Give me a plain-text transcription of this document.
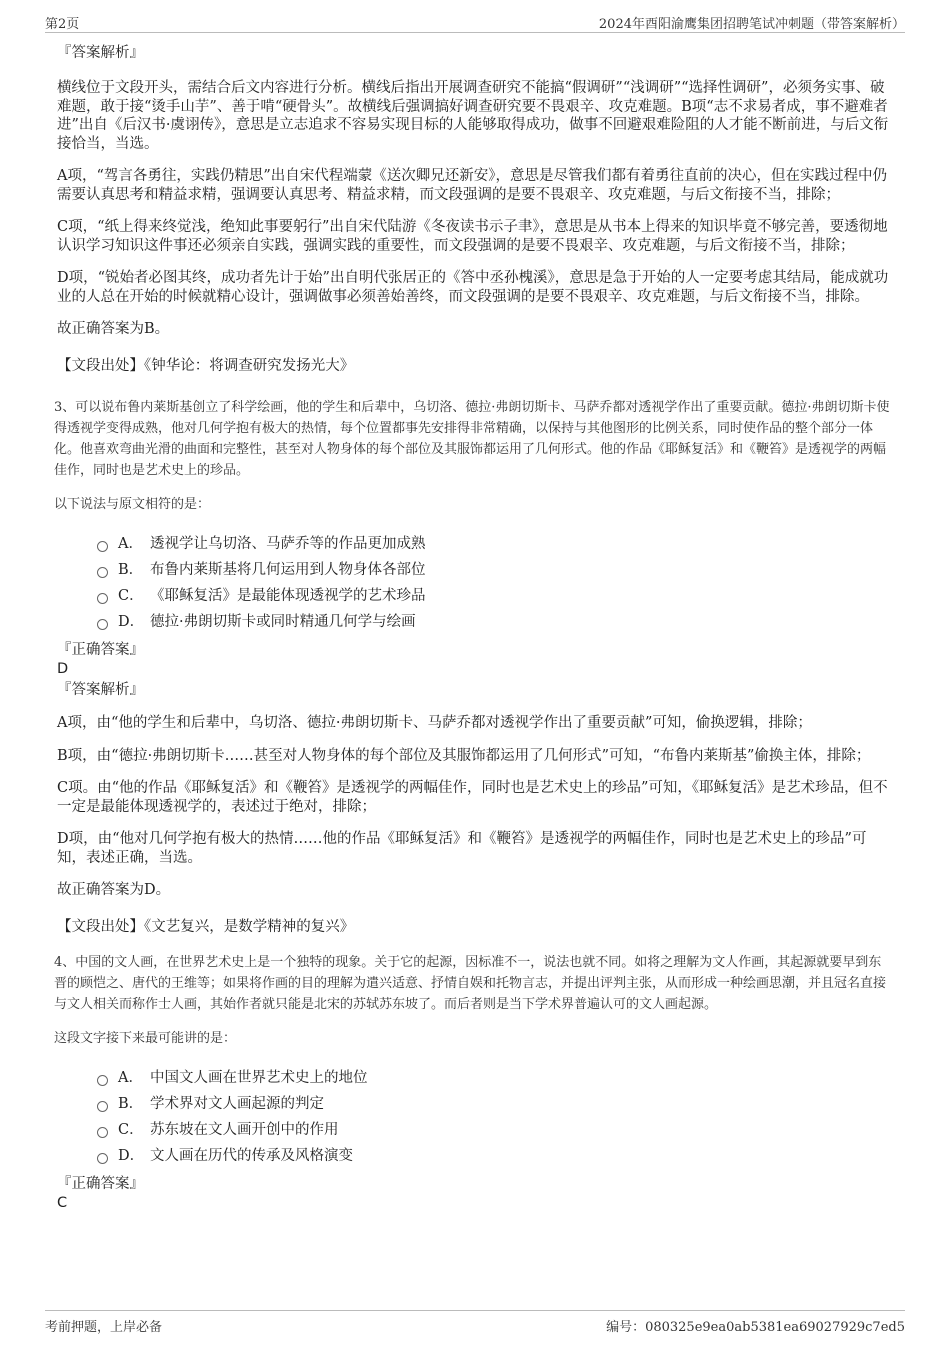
第2页	2024年酉阳渝鹰集团招聘笔试冲刺题（带答案解析）

『答案解析』

横线位于文段开头，需结合后文内容进行分析。横线后指出开展调查研究不能搞“假调研”“浅调研”“选择性调研”，必须务实事、破难题，敢于接“烫手山芋”、善于啃“硬骨头”。故横线后强调搞好调查研究要不畏艰辛、攻克难题。B项“志不求易者成，事不避难者进”出自《后汉书·虞诩传》，意思是立志追求不容易实现目标的人能够取得成功，做事不回避艰难险阻的人才能不断前进，与后文衔接恰当，当选。

A项，“驾言各勇往，实践仍精思”出自宋代程端蒙《送次卿兄还新安》，意思是尽管我们都有着勇往直前的决心，但在实践过程中仍需要认真思考和精益求精，强调要认真思考、精益求精，而文段强调的是要不畏艰辛、攻克难题，与后文衔接不当，排除；

C项，“纸上得来终觉浅，绝知此事要躬行”出自宋代陆游《冬夜读书示子聿》，意思是从书本上得来的知识毕竟不够完善，要透彻地认识学习知识这件事还必须亲自实践，强调实践的重要性，而文段强调的是要不畏艰辛、攻克难题，与后文衔接不当，排除；

D项，“锐始者必图其终，成功者先计于始”出自明代张居正的《答中丞孙槐溪》，意思是急于开始的人一定要考虑其结局，能成就功业的人总在开始的时候就精心设计，强调做事必须善始善终，而文段强调的是要不畏艰辛、攻克难题，与后文衔接不当，排除。

故正确答案为B。

【文段出处】《钟华论：将调查研究发扬光大》

3、可以说布鲁内莱斯基创立了科学绘画，他的学生和后辈中，乌切洛、德拉·弗朗切斯卡、马萨乔都对透视学作出了重要贡献。德拉·弗朗切斯卡使得透视学变得成熟，他对几何学抱有极大的热情，每个位置都事先安排得非常精确，以保持与其他图形的比例关系，同时使作品的整个部分一体化。他喜欢弯曲光滑的曲面和完整性，甚至对人物身体的每个部位及其服饰都运用了几何形式。他的作品《耶稣复活》和《鞭笞》是透视学的两幅佳作，同时也是艺术史上的珍品。

以下说法与原文相符的是：

A． 透视学让乌切洛、马萨乔等的作品更加成熟
B． 布鲁内莱斯基将几何运用到人物身体各部位
C． 《耶稣复活》是最能体现透视学的艺术珍品
D． 德拉·弗朗切斯卡或同时精通几何学与绘画

『正确答案』

D

『答案解析』

A项，由“他的学生和后辈中，乌切洛、德拉·弗朗切斯卡、马萨乔都对透视学作出了重要贡献”可知，偷换逻辑，排除；

B项，由“德拉·弗朗切斯卡……甚至对人物身体的每个部位及其服饰都运用了几何形式”可知，“布鲁内莱斯基”偷换主体，排除；

C项。由“他的作品《耶稣复活》和《鞭笞》是透视学的两幅佳作，同时也是艺术史上的珍品”可知，《耶稣复活》是艺术珍品，但不一定是最能体现透视学的，表述过于绝对，排除；

D项，由“他对几何学抱有极大的热情……他的作品《耶稣复活》和《鞭笞》是透视学的两幅佳作，同时也是艺术史上的珍品”可知，表述正确，当选。

故正确答案为D。

【文段出处】《文艺复兴，是数学精神的复兴》

4、中国的文人画，在世界艺术史上是一个独特的现象。关于它的起源，因标准不一，说法也就不同。如将之理解为文人作画，其起源就要早到东晋的顾恺之、唐代的王维等；如果将作画的目的理解为遣兴适意、抒情自娱和托物言志，并提出评判主张，从而形成一种绘画思潮，并且冠名直接与文人相关而称作士人画，其始作者就只能是北宋的苏轼苏东坡了。而后者则是当下学术界普遍认可的文人画起源。

这段文字接下来最可能讲的是：

A． 中国文人画在世界艺术史上的地位
B． 学术界对文人画起源的判定
C． 苏东坡在文人画开创中的作用
D． 文人画在历代的传承及风格演变

『正确答案』

C

考前押题，上岸必备	编号：080325e9ea0ab5381ea69027929c7ed5
